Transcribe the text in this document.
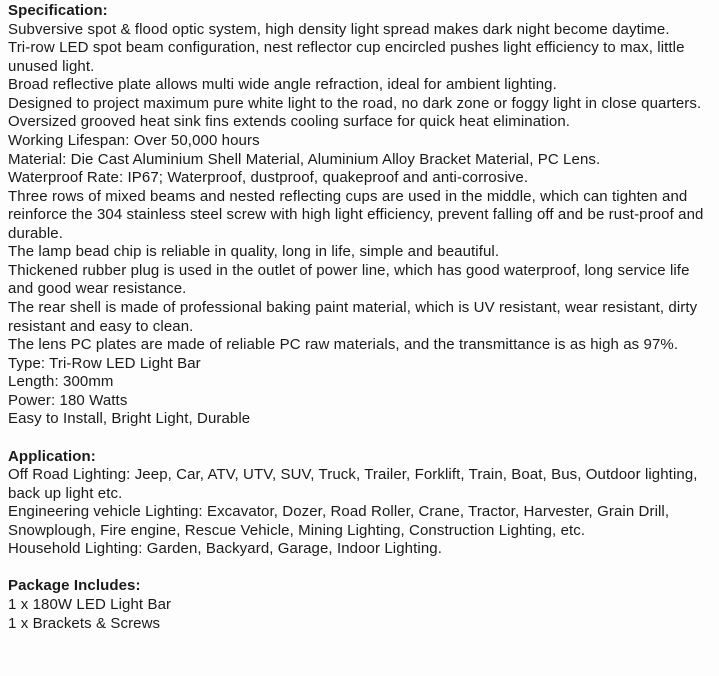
Specification:
Subversive spot & flood optic system, high density light spread makes dark night become daytime.
Tri-row LED spot beam configuration, nest reflector cup encircled pushes light efficiency to max, little unused light.
Broad reflective plate allows multi wide angle refraction, ideal for ambient lighting.
Designed to project maximum pure white light to the road, no dark zone or foggy light in close quarters.
Oversized grooved heat sink fins extends cooling surface for quick heat elimination.
Working Lifespan: Over 50,000 hours
Material: Die Cast Aluminium Shell Material, Aluminium Alloy Bracket Material, PC Lens.
Waterproof Rate: IP67; Waterproof, dustproof, quakeproof and anti-corrosive.
Three rows of mixed beams and nested reflecting cups are used in the middle, which can tighten and reinforce the 304 stainless steel screw with high light efficiency, prevent falling off and be rust-proof and durable.
The lamp bead chip is reliable in quality, long in life, simple and beautiful.
Thickened rubber plug is used in the outlet of power line, which has good waterproof, long service life and good wear resistance.
The rear shell is made of professional baking paint material, which is UV resistant, wear resistant, dirty resistant and easy to clean.
The lens PC plates are made of reliable PC raw materials, and the transmittance is as high as 97%.
Type: Tri-Row LED Light Bar
Length: 300mm
Power: 180 Watts
Easy to Install, Bright Light, Durable
Application:
Off Road Lighting: Jeep, Car, ATV, UTV, SUV, Truck, Trailer, Forklift, Train, Boat, Bus, Outdoor lighting, back up light etc.
Engineering vehicle Lighting: Excavator, Dozer, Road Roller, Crane, Tractor, Harvester, Grain Drill, Snowplough, Fire engine, Rescue Vehicle, Mining Lighting, Construction Lighting, etc.
Household Lighting: Garden, Backyard, Garage, Indoor Lighting.
Package Includes:
1 x 180W LED Light Bar
1 x Brackets & Screws
